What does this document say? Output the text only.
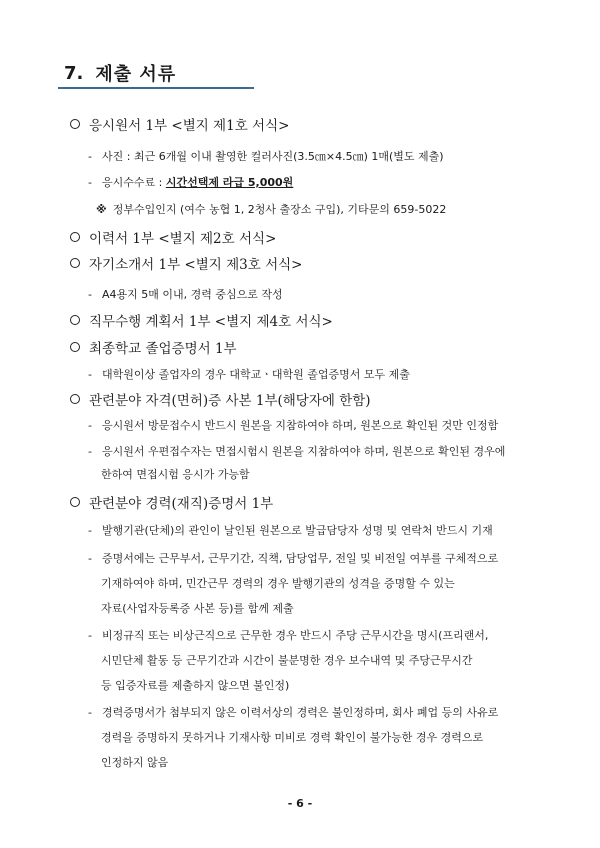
7. 제출 서류
응시원서 1부 <별지 제1호 서식>
- 사진 : 최근 6개월 이내 촬영한 컬러사진(3.5㎝×4.5㎝) 1매(별도 제출)
- 응시수수료 : 시간선택제 라급 5,000원
※ 정부수입인지 (여수 농협 1, 2청사 출장소 구입), 기타문의 659-5022
이력서 1부 <별지 제2호 서식>
자기소개서 1부 <별지 제3호 서식>
- A4용지 5매 이내, 경력 중심으로 작성
직무수행 계획서 1부 <별지 제4호 서식>
최종학교 졸업증명서 1부
- 대학원이상 졸업자의 경우 대학교ㆍ대학원 졸업증명서 모두 제출
관련분야 자격(면허)증 사본 1부(해당자에 한함)
- 응시원서 방문접수시 반드시 원본을 지참하여야 하며, 원본으로 확인된 것만 인정함
- 응시원서 우편접수자는 면접시험시 원본을 지참하여야 하며, 원본으로 확인된 경우에
한하여 면접시험 응시가 가능함
관련분야 경력(재직)증명서 1부
- 발행기관(단체)의 관인이 날인된 원본으로 발급담당자 성명 및 연락처 반드시 기재
- 증명서에는 근무부서, 근무기간, 직책, 담당업무, 전일 및 비전일 여부를 구체적으로
기재하여야 하며, 민간근무 경력의 경우 발행기관의 성격을 증명할 수 있는
자료(사업자등록증 사본 등)를 함께 제출
- 비정규직 또는 비상근직으로 근무한 경우 반드시 주당 근무시간을 명시(프리랜서,
시민단체 활동 등 근무기간과 시간이 불분명한 경우 보수내역 및 주당근무시간
등 입증자료를 제출하지 않으면 불인정)
- 경력증명서가 첨부되지 않은 이력서상의 경력은 불인정하며, 회사 폐업 등의 사유로
경력을 증명하지 못하거나 기재사항 미비로 경력 확인이 불가능한 경우 경력으로
인정하지 않음
- 6 -
